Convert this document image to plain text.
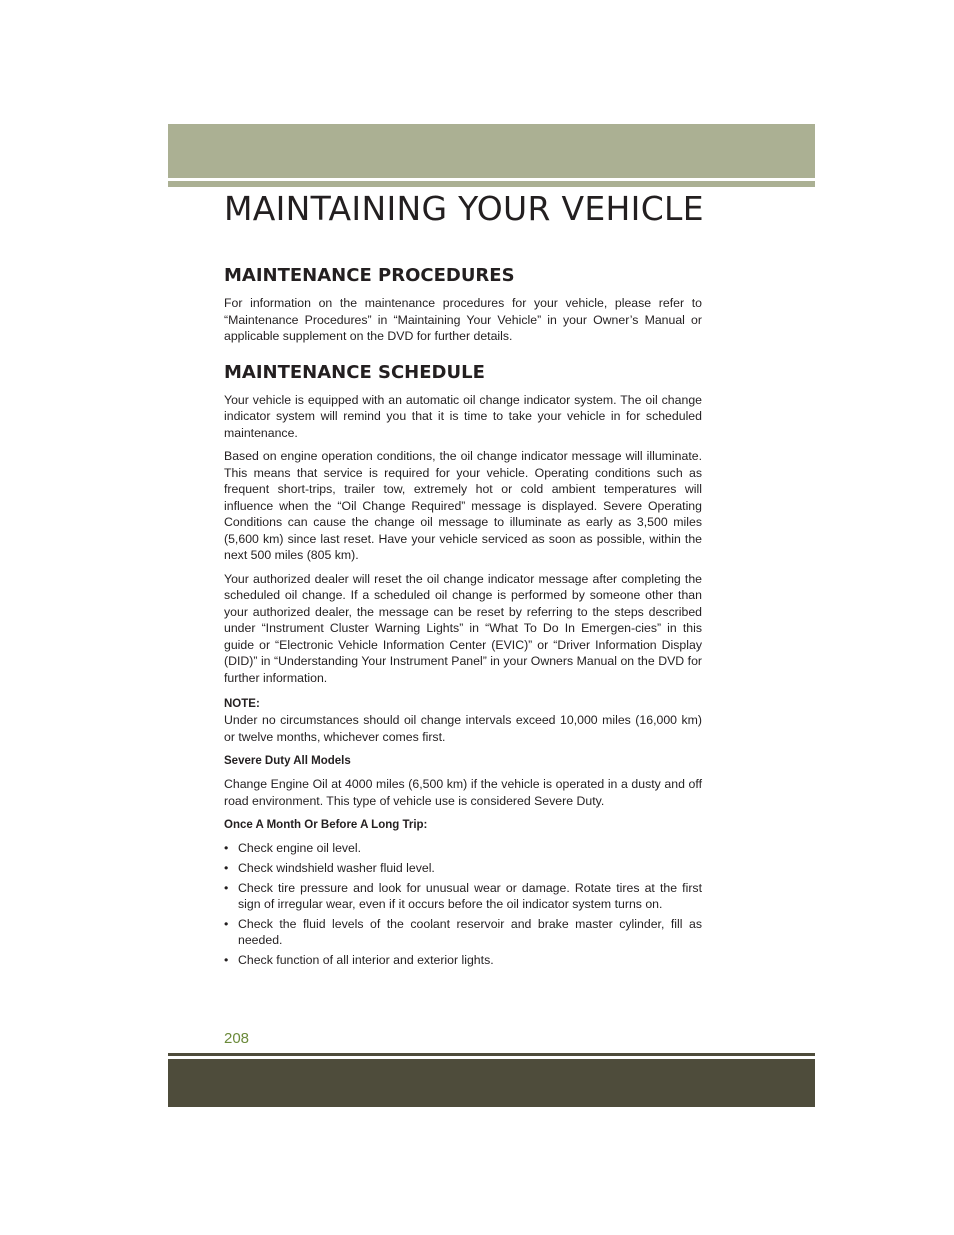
MAINTAINING YOUR VEHICLE
MAINTENANCE PROCEDURES

For information on the maintenance procedures for your vehicle, please refer to “Maintenance Procedures” in “Maintaining Your Vehicle” in your Owner’s Manual or applicable supplement on the DVD for further details.

MAINTENANCE SCHEDULE

Your vehicle is equipped with an automatic oil change indicator system. The oil change indicator system will remind you that it is time to take your vehicle in for scheduled maintenance.

Based on engine operation conditions, the oil change indicator message will illuminate. This means that service is required for your vehicle. Operating conditions such as frequent short-trips, trailer tow, extremely hot or cold ambient temperatures will influence when the “Oil Change Required” message is displayed. Severe Operating Conditions can cause the change oil message to illuminate as early as 3,500 miles (5,600 km) since last reset. Have your vehicle serviced as soon as possible, within the next 500 miles (805 km).

Your authorized dealer will reset the oil change indicator message after completing the scheduled oil change. If a scheduled oil change is performed by someone other than your authorized dealer, the message can be reset by referring to the steps described under “Instrument Cluster Warning Lights” in “What To Do In Emergen-cies” in this guide or “Electronic Vehicle Information Center (EVIC)” or “Driver Information Display (DID)” in “Understanding Your Instrument Panel” in your Owners Manual on the DVD for further information.

NOTE:

Under no circumstances should oil change intervals exceed 10,000 miles (16,000 km) or twelve months, whichever comes first.

Severe Duty All Models

Change Engine Oil at 4000 miles (6,500 km) if the vehicle is operated in a dusty and off road environment. This type of vehicle use is considered Severe Duty.

Once A Month Or Before A Long Trip:
• Check engine oil level.
• Check windshield washer fluid level.
• Check tire pressure and look for unusual wear or damage. Rotate tires at the first sign of irregular wear, even if it occurs before the oil indicator system turns on.
• Check the fluid levels of the coolant reservoir and brake master cylinder, fill as needed.
• Check function of all interior and exterior lights.
208
